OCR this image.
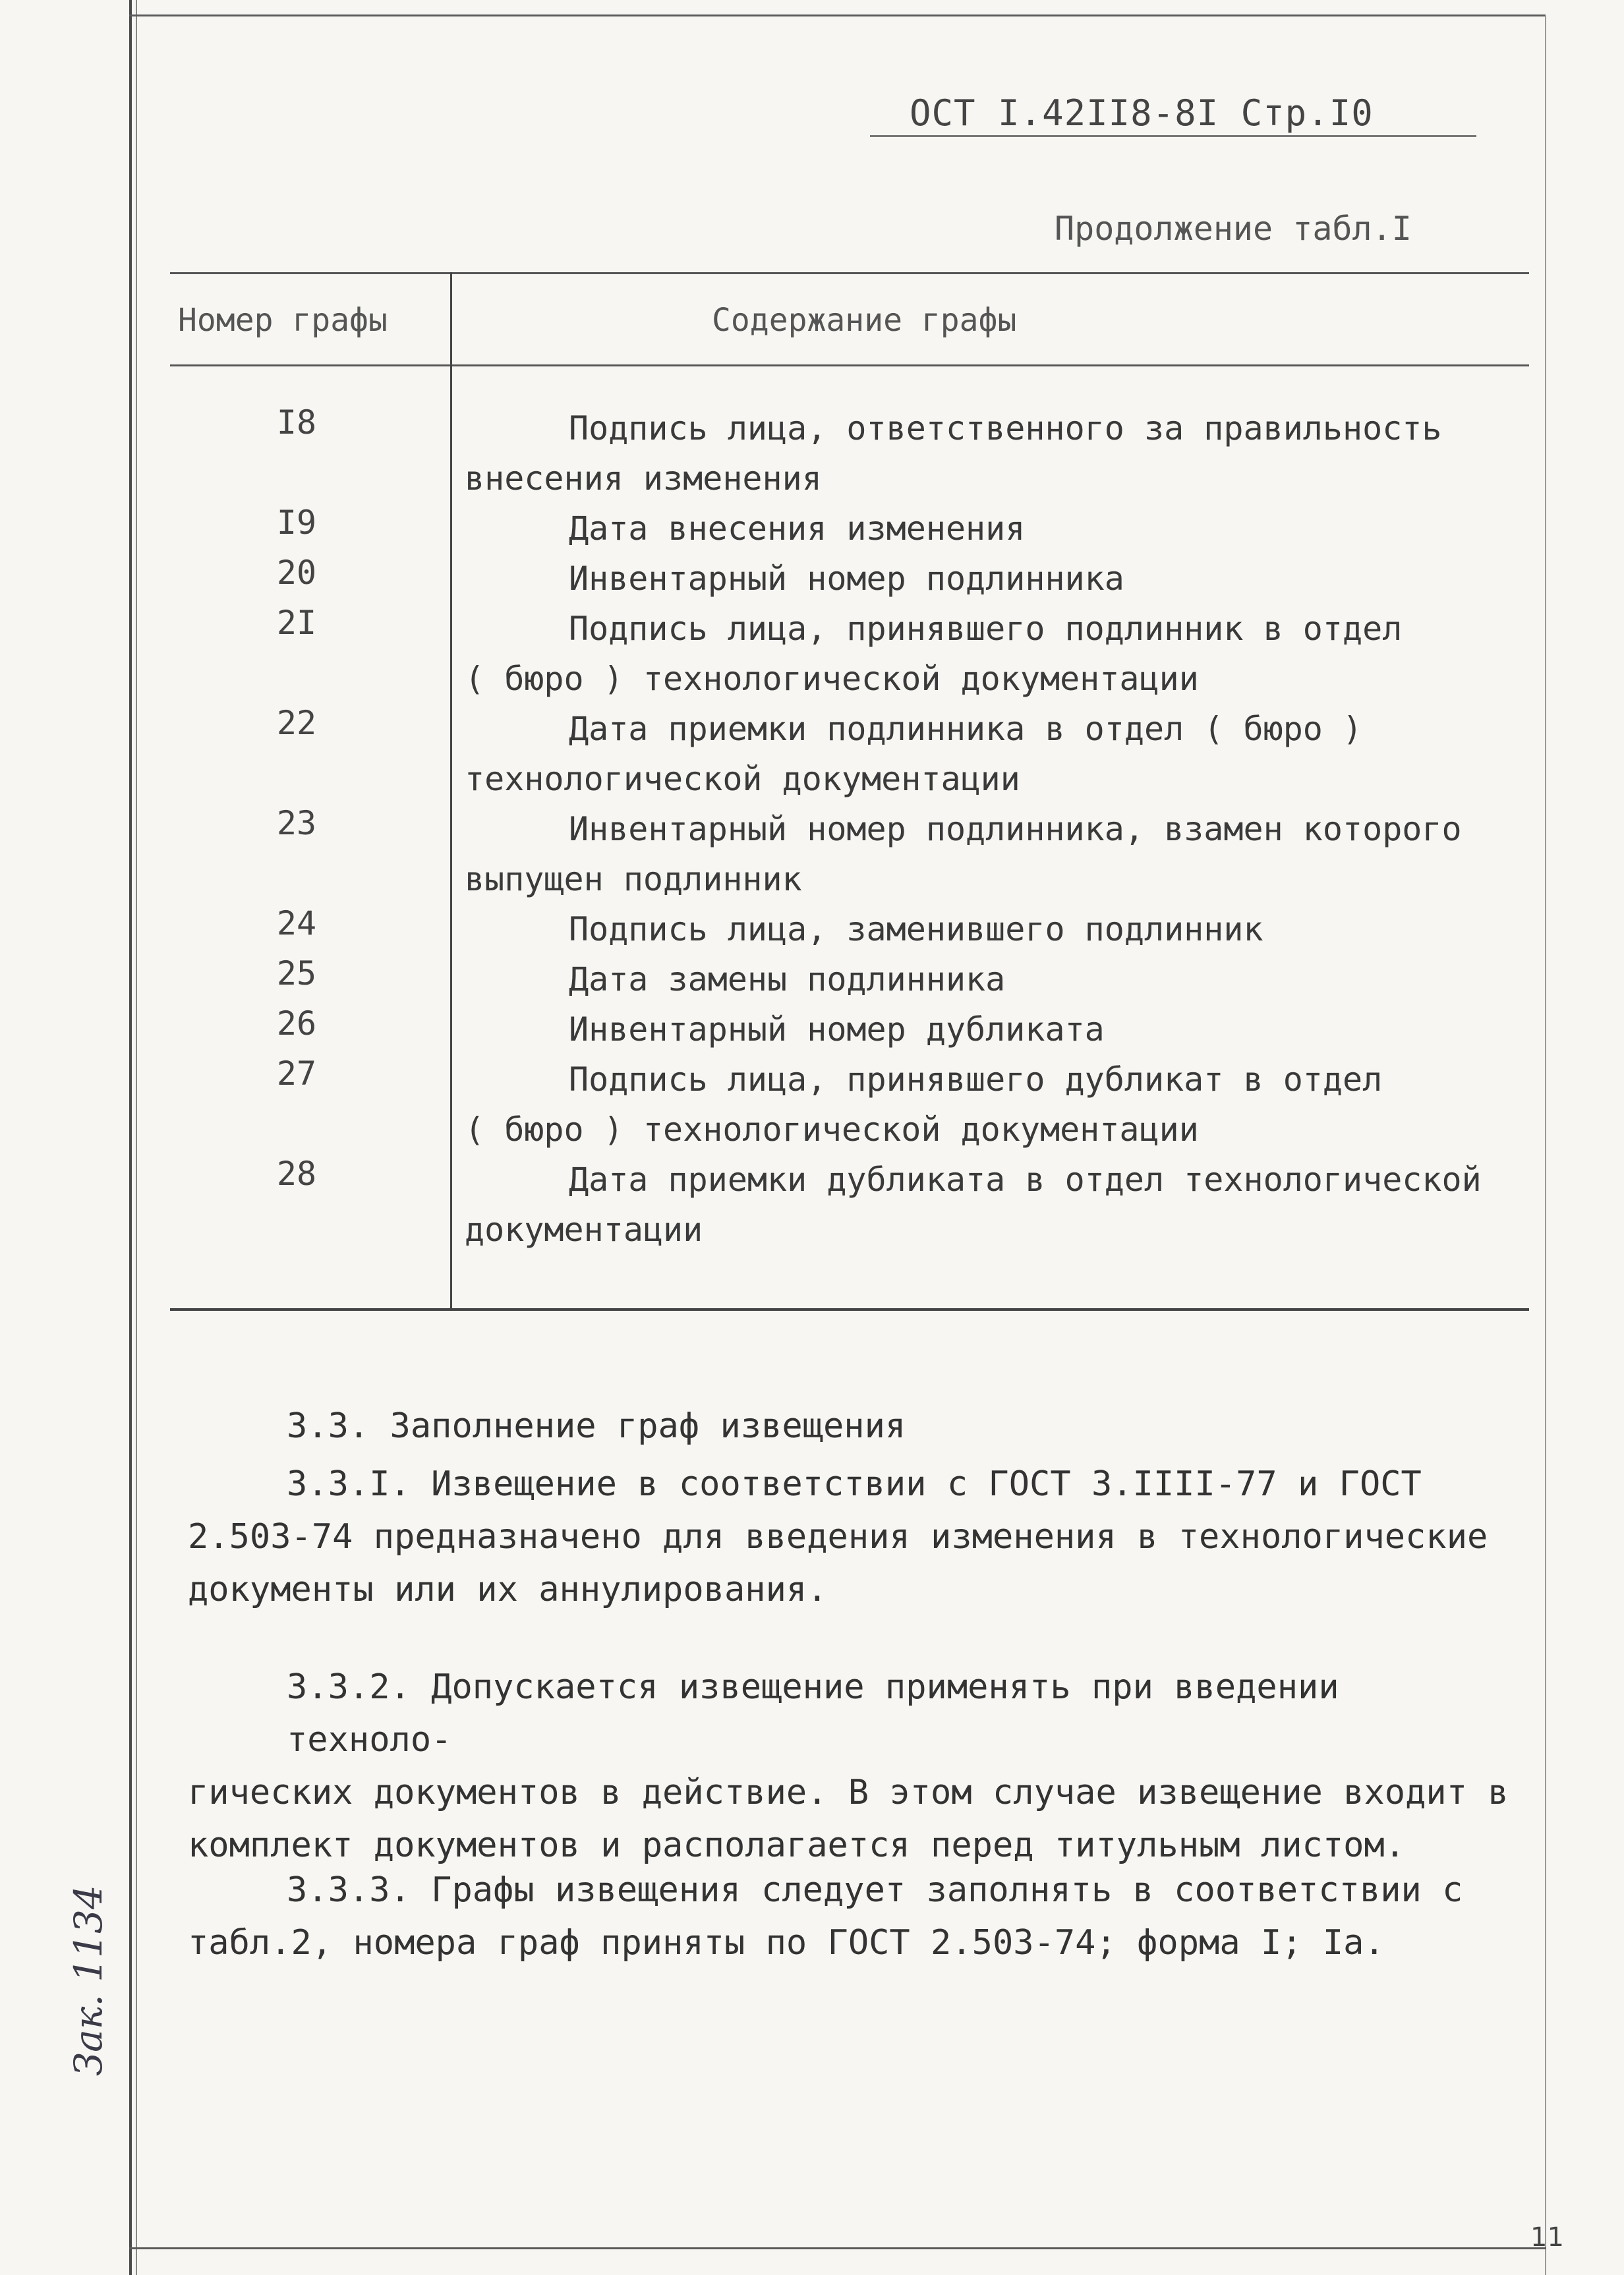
ОСТ I.42II8-8I Стр.I0
Продолжение табл.I
Номер графы	Содержание графы
I8	Подпись лица, ответственного за правильность
внесения изменения
I9	Дата внесения изменения
20	Инвентарный номер подлинника
2I	Подпись лица, принявшего подлинник в отдел
( бюро ) технологической документации
22	Дата приемки подлинника в отдел ( бюро )
технологической документации
23	Инвентарный номер подлинника, взамен которого
выпущен подлинник
24	Подпись лица, заменившего подлинник
25	Дата замены подлинника
26	Инвентарный номер дубликата
27	Подпись лица, принявшего дубликат в отдел
( бюро ) технологической документации
28	Дата приемки дубликата в отдел технологической
документации
3.3. Заполнение граф извещения
3.3.I. Извещение в соответствии с ГОСТ 3.IIII-77 и ГОСТ
2.503-74 предназначено для введения изменения в технологические
документы или их аннулирования.
3.3.2. Допускается извещение применять при введении техноло-
гических документов в действие. В этом случае извещение входит в
комплект документов и располагается перед титульным листом.
3.3.3. Графы извещения следует заполнять в соответствии с
табл.2, номера граф приняты по ГОСТ 2.503-74; форма I; Iа.
Зак. 1134
11
